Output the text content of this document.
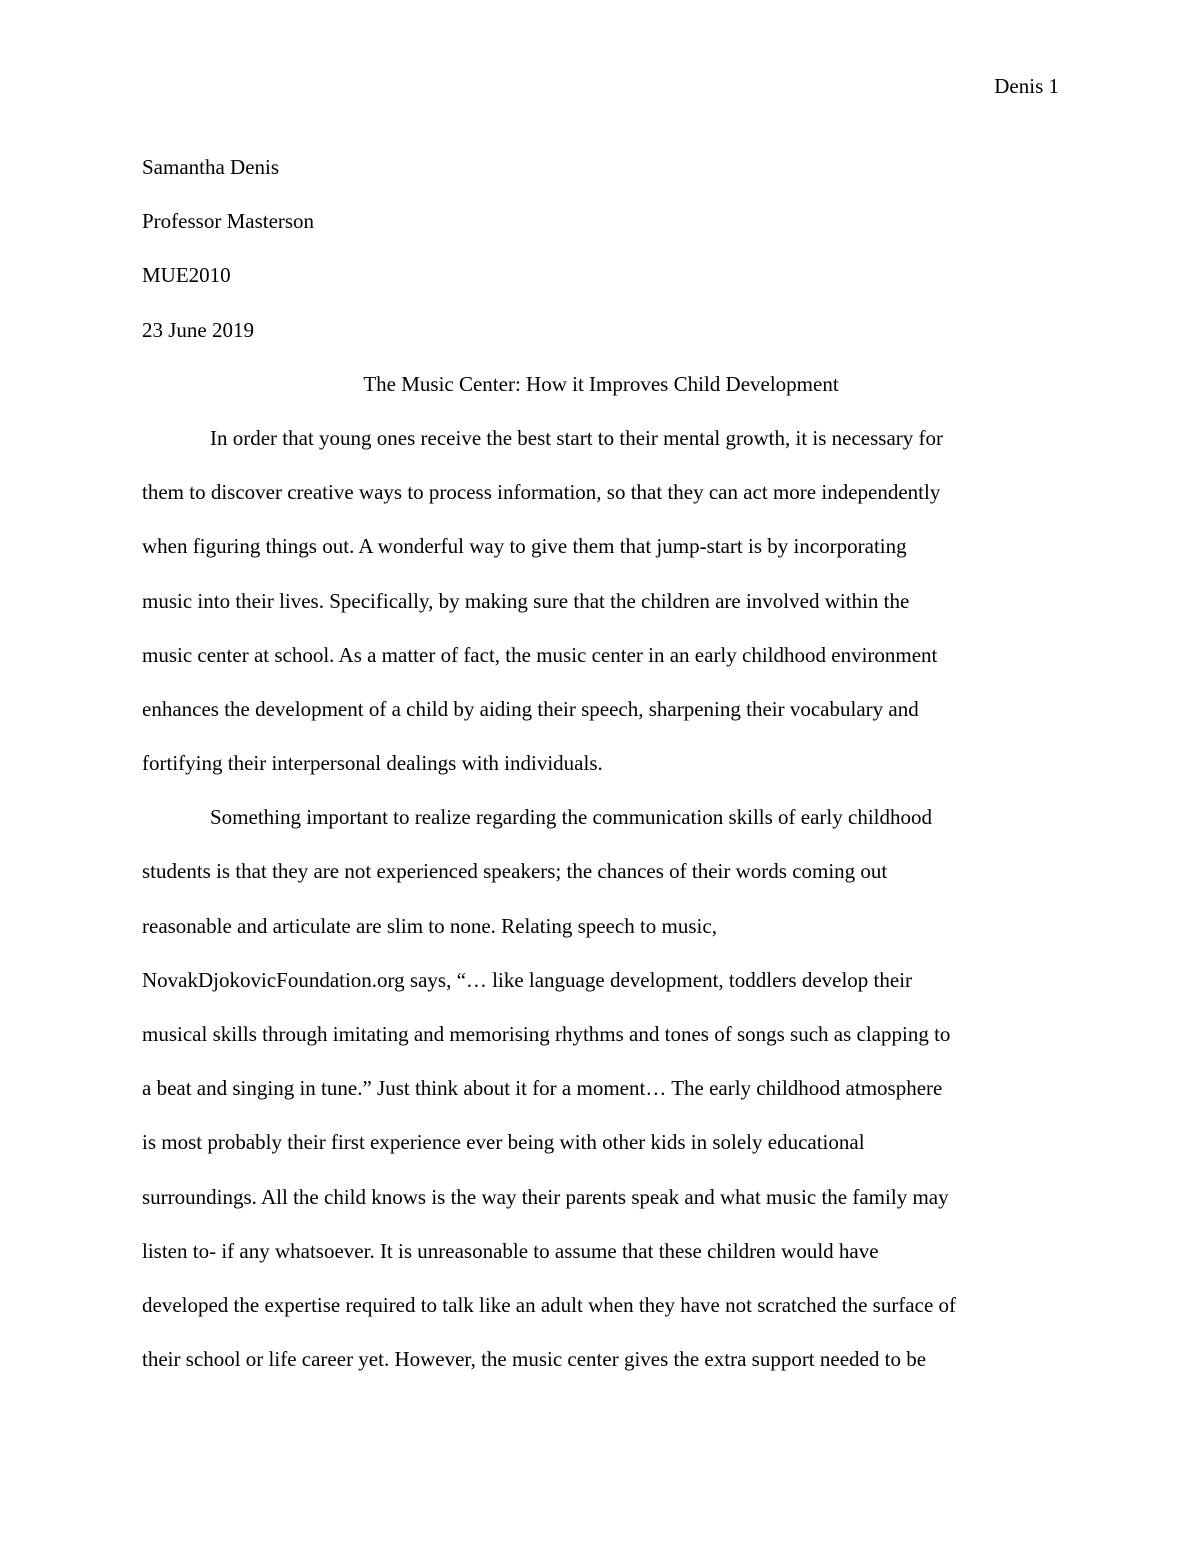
Denis 1
Samantha Denis
Professor Masterson
MUE2010
23 June 2019
The Music Center: How it Improves Child Development
In order that young ones receive the best start to their mental growth, it is necessary for
them to discover creative ways to process information, so that they can act more independently
when figuring things out. A wonderful way to give them that jump-start is by incorporating
music into their lives. Specifically, by making sure that the children are involved within the
music center at school. As a matter of fact, the music center in an early childhood environment
enhances the development of a child by aiding their speech, sharpening their vocabulary and
fortifying their interpersonal dealings with individuals.
Something important to realize regarding the communication skills of early childhood
students is that they are not experienced speakers; the chances of their words coming out
reasonable and articulate are slim to none. Relating speech to music,
NovakDjokovicFoundation.org says, “… like language development, toddlers develop their
musical skills through imitating and memorising rhythms and tones of songs such as clapping to
a beat and singing in tune.” Just think about it for a moment… The early childhood atmosphere
is most probably their first experience ever being with other kids in solely educational
surroundings. All the child knows is the way their parents speak and what music the family may
listen to- if any whatsoever. It is unreasonable to assume that these children would have
developed the expertise required to talk like an adult when they have not scratched the surface of
their school or life career yet. However, the music center gives the extra support needed to be
